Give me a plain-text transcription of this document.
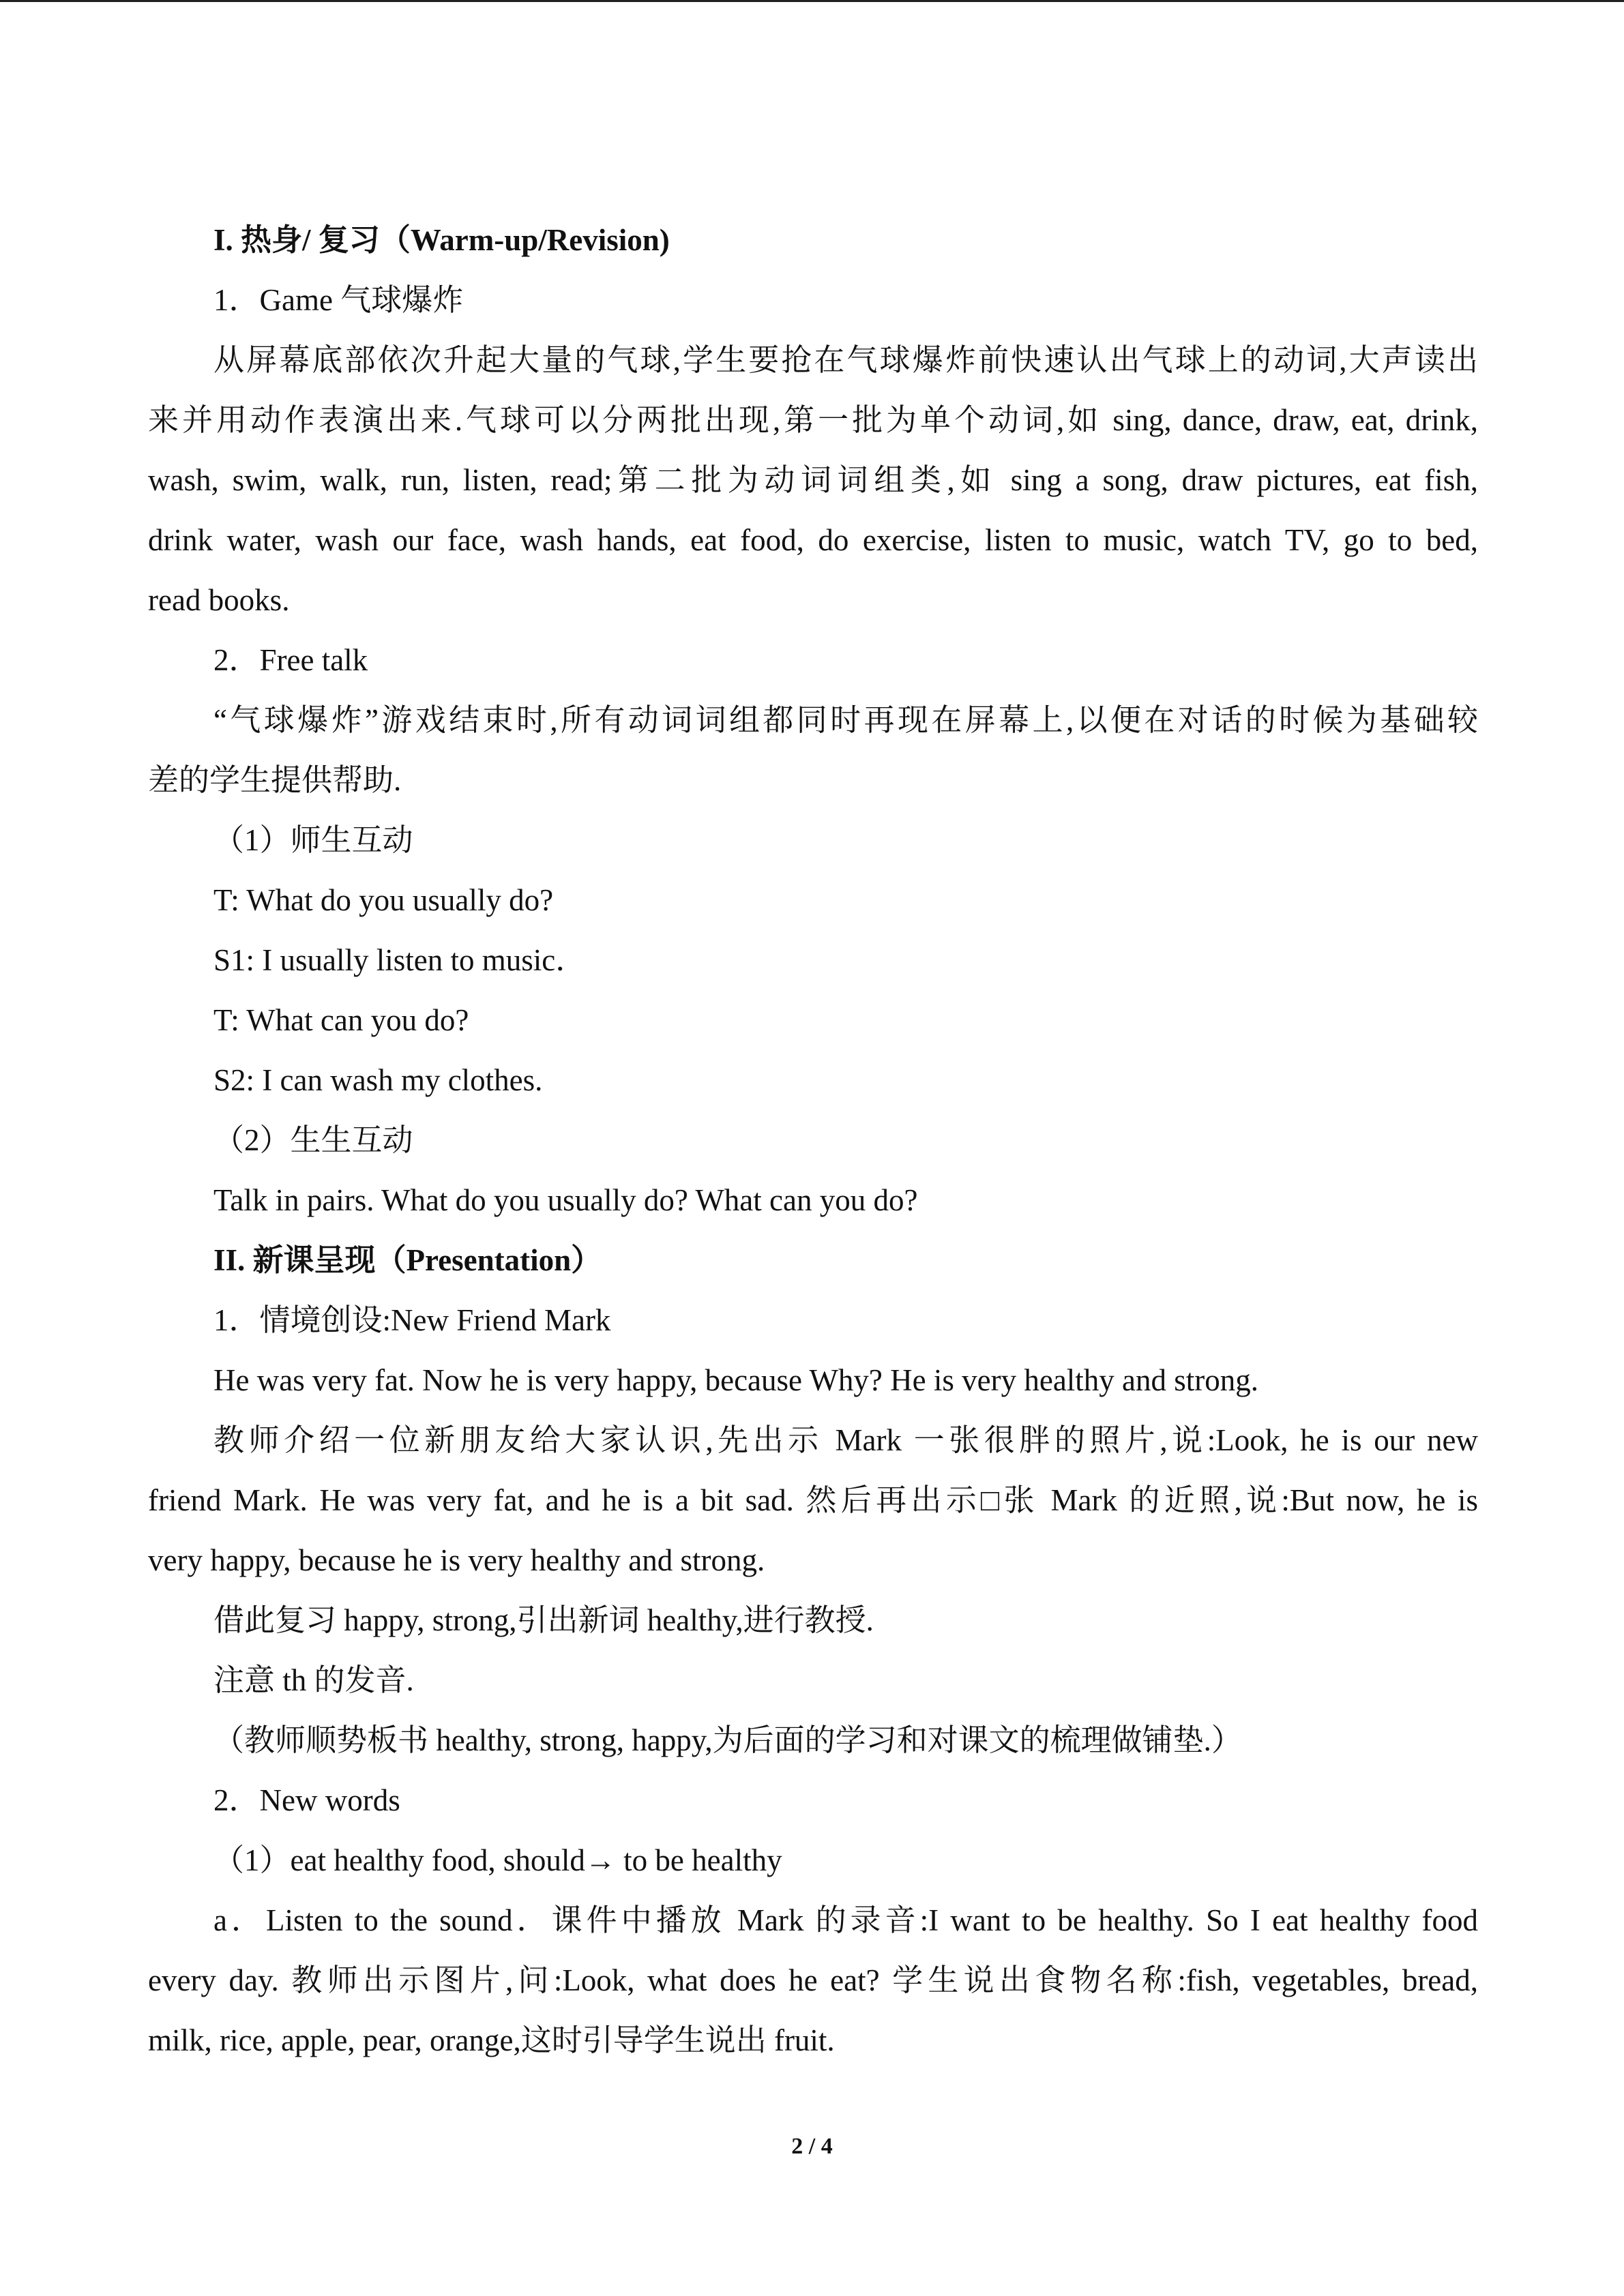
I. 热身/ 复习（Warm-up/Revision)
1．Game 气球爆炸
从屏幕底部依次升起大量的气球,学生要抢在气球爆炸前快速认出气球上的动词,大声读出
来并用动作表演出来.气球可以分两批出现,第一批为单个动词,如 sing, dance, draw, eat, drink,
wash, swim, walk, run, listen, read;第二批为动词词组类,如 sing a song, draw pictures, eat fish,
drink water, wash our face, wash hands, eat food, do exercise, listen to music, watch TV, go to bed,
read books.
2．Free talk
“气球爆炸”游戏结束时,所有动词词组都同时再现在屏幕上,以便在对话的时候为基础较
差的学生提供帮助.
（1）师生互动
T: What do you usually do?
S1: I usually listen to music．
T: What can you do?
S2: I can wash my clothes.
（2）生生互动
Talk in pairs. What do you usually do? What can you do?
II. 新课呈现（Presentation）
1．情境创设:New Friend Mark
He was very fat. Now he is very happy, because Why? He is very healthy and strong.
教师介绍一位新朋友给大家认识,先出示 Mark 一张很胖的照片,说:Look, he is our new
friend Mark. He was very fat, and he is a bit sad. 然后再出示□张 Mark 的近照,说:But now, he is
very happy, because he is very healthy and strong.
借此复习 happy, strong,引出新词 healthy,进行教授.
注意 th 的发音.
（教师顺势板书 healthy, strong, happy,为后面的学习和对课文的梳理做铺垫.）
2．New words
（1）eat healthy food, should→ to be healthy
a．Listen to the sound．课件中播放 Mark 的录音:I want to be healthy. So I eat healthy food
every day. 教师出示图片,问:Look, what does he eat? 学生说出食物名称:fish, vegetables, bread,
milk, rice, apple, pear, orange,这时引导学生说出 fruit.
2 / 4
